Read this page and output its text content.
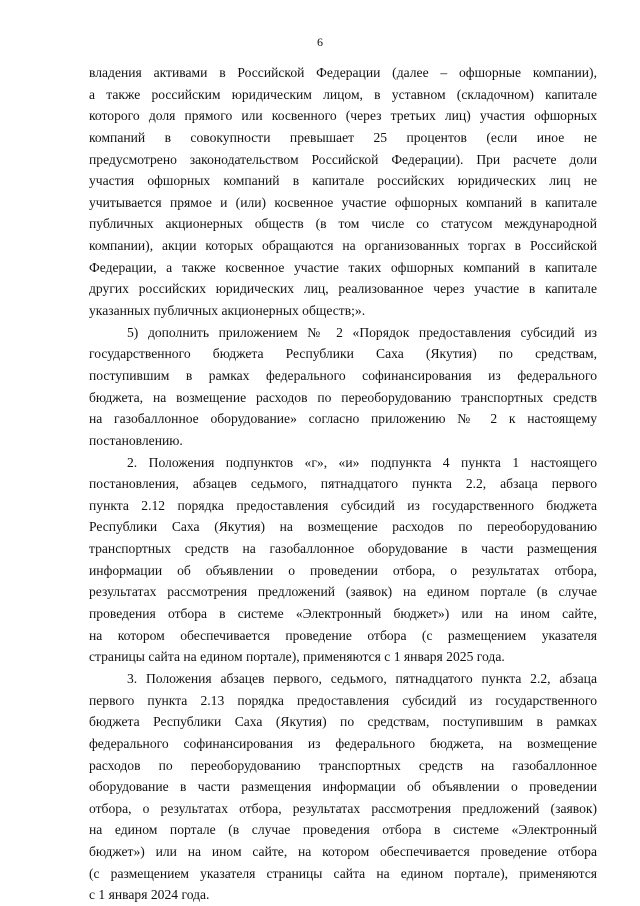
6
владения активами в Российской Федерации (далее – офшорные компании),
а также российским юридическим лицом, в уставном (складочном) капитале
которого доля прямого или косвенного (через третьих лиц) участия офшорных
компаний в совокупности превышает 25 процентов (если иное не
предусмотрено законодательством Российской Федерации). При расчете доли
участия офшорных компаний в капитале российских юридических лиц не
учитывается прямое и (или) косвенное участие офшорных компаний в капитале
публичных акционерных обществ (в том числе со статусом международной
компании), акции которых обращаются на организованных торгах в Российской
Федерации, а также косвенное участие таких офшорных компаний в капитале
других российских юридических лиц, реализованное через участие в капитале
указанных публичных акционерных обществ;».
5) дополнить приложением № 2 «Порядок предоставления субсидий из
государственного бюджета Республики Саха (Якутия) по средствам,
поступившим в рамках федерального софинансирования из федерального
бюджета, на возмещение расходов по переоборудованию транспортных средств
на газобаллонное оборудование» согласно приложению № 2 к настоящему
постановлению.
2. Положения подпунктов «г», «и» подпункта 4 пункта 1 настоящего
постановления, абзацев седьмого, пятнадцатого пункта 2.2, абзаца первого
пункта 2.12 порядка предоставления субсидий из государственного бюджета
Республики Саха (Якутия) на возмещение расходов по переоборудованию
транспортных средств на газобаллонное оборудование в части размещения
информации об объявлении о проведении отбора, о результатах отбора,
результатах рассмотрения предложений (заявок) на едином портале (в случае
проведения отбора в системе «Электронный бюджет») или на ином сайте,
на котором обеспечивается проведение отбора (с размещением указателя
страницы сайта на едином портале), применяются с 1 января 2025 года.
3. Положения абзацев первого, седьмого, пятнадцатого пункта 2.2, абзаца
первого пункта 2.13 порядка предоставления субсидий из государственного
бюджета Республики Саха (Якутия) по средствам, поступившим в рамках
федерального софинансирования из федерального бюджета, на возмещение
расходов по переоборудованию транспортных средств на газобаллонное
оборудование в части размещения информации об объявлении о проведении
отбора, о результатах отбора, результатах рассмотрения предложений (заявок)
на едином портале (в случае проведения отбора в системе «Электронный
бюджет») или на ином сайте, на котором обеспечивается проведение отбора
(с размещением указателя страницы сайта на едином портале), применяются
с 1 января 2024 года.
